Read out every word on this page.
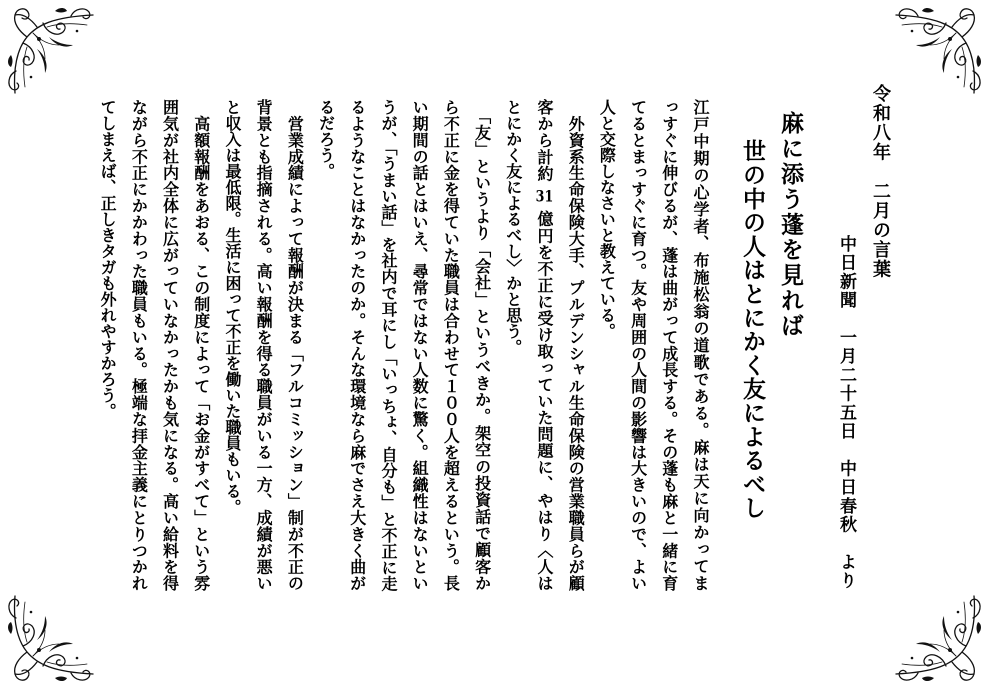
令和八年　二月の言葉
中日新聞　一月二十五日　中日春秋　より
麻に添う蓬を見れば
世の中の人はとにかく友によるべし
江戸中期の心学者、布施松翁の道歌である。麻は天に向かってま
っすぐに伸びるが、蓬は曲がって成長する。その蓬も麻と一緒に育
てるとまっすぐに育つ。友や周囲の人間の影響は大きいので、よい
人と交際しなさいと教えている。
　外資系生命保険大手、プルデンシャル生命保険の営業職員らが顧
客から計約 31 億円を不正に受け取っていた問題に、やはり〈人は
とにかく友によるべし〉かと思う。
　「友」というより「会社」というべきか。架空の投資話で顧客か
ら不正に金を得ていた職員は合わせて１００人を超えるという。長
い期間の話とはいえ、尋常ではない人数に驚く。組織性はないとい
うが、「うまい話」を社内で耳にし「いっちょ、自分も」と不正に走
るようなことはなかったのか。そんな環境なら麻でさえ大きく曲が
るだろう。
　営業成績によって報酬が決まる「フルコミッション」制が不正の
背景とも指摘される。高い報酬を得る職員がいる一方、成績が悪い
と収入は最低限。生活に困って不正を働いた職員もいる。
　高額報酬をあおる、この制度によって「お金がすべて」という雰
囲気が社内全体に広がっていなかったかも気になる。高い給料を得
ながら不正にかかわった職員もいる。極端な拝金主義にとりつかれ
てしまえば、正しきタガも外れやすかろう。
